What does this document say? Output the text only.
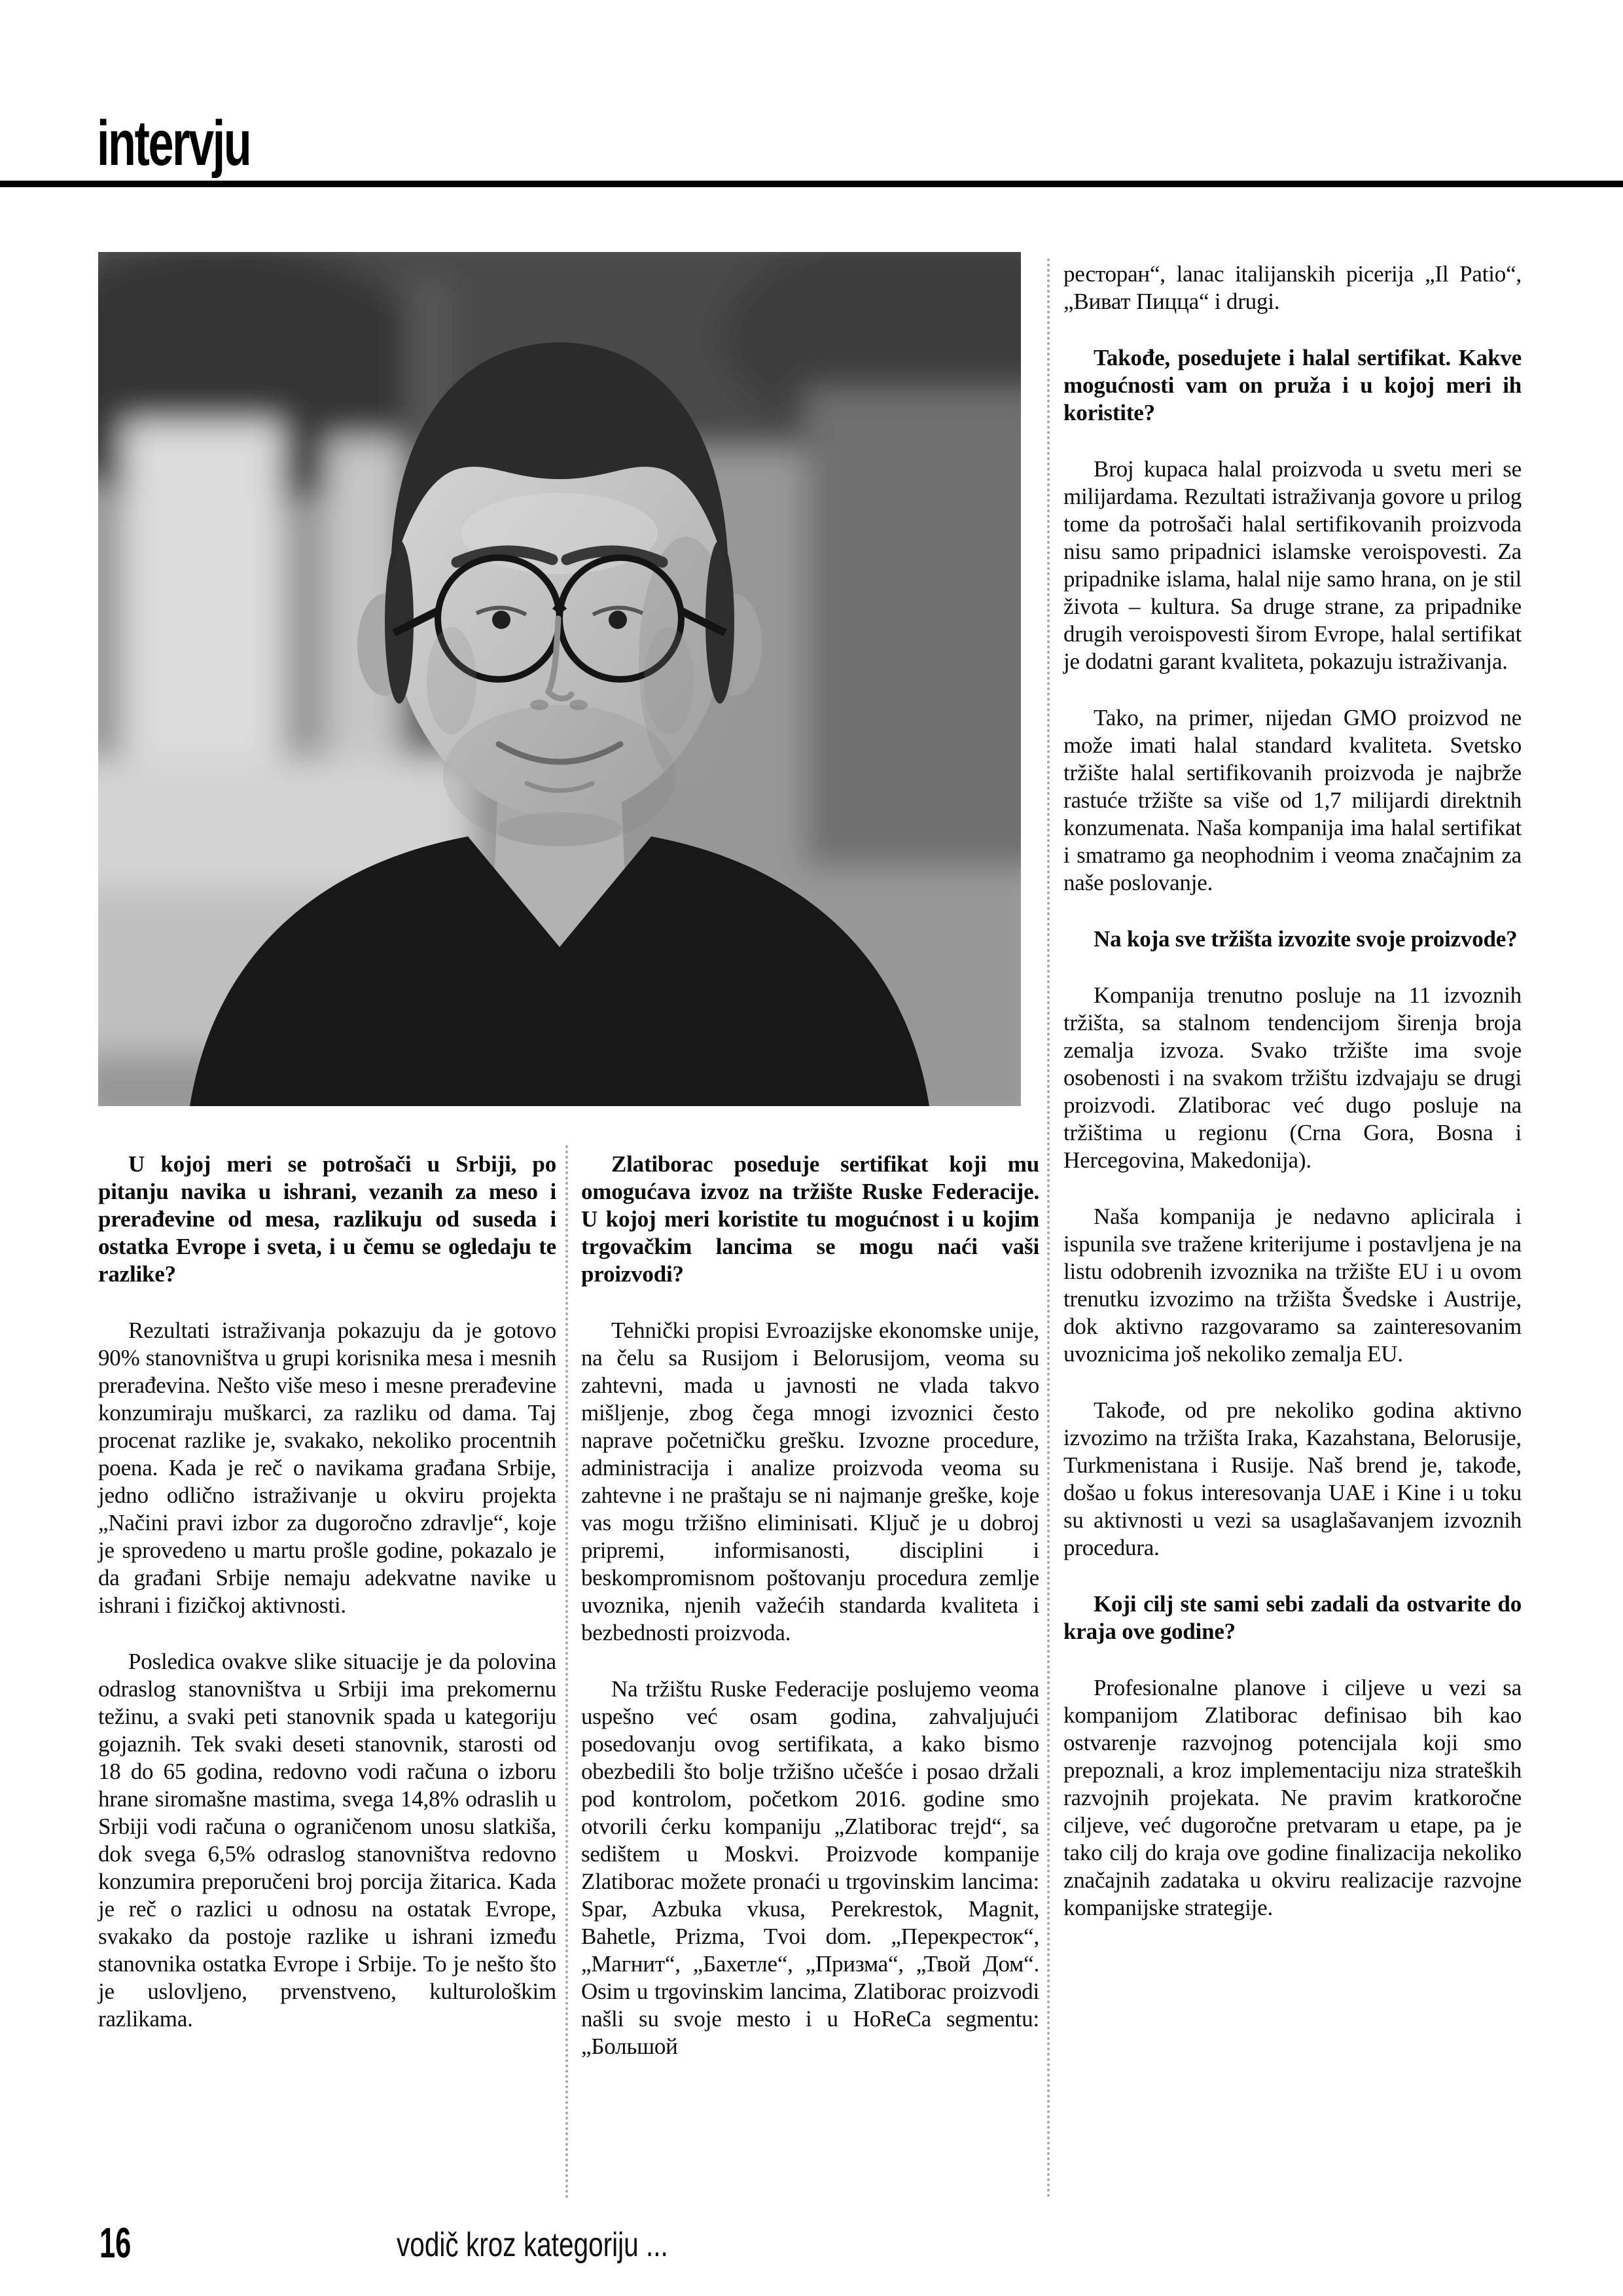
intervju

U kojoj meri se potrošači u Srbiji, po pitanju navika u ishrani, vezanih za meso i prerađevine od mesa, razlikuju od suseda i ostatka Evrope i sveta, i u čemu se ogledaju te razlike?

Rezultati istraživanja pokazuju da je gotovo 90% stanovništva u grupi korisnika mesa i mesnih prerađevina. Nešto više meso i mesne prerađevine konzumiraju muškarci, za razliku od dama. Taj procenat razlike je, svakako, nekoliko procentnih poena. Kada je reč o navikama građana Srbije, jedno odlično istraživanje u okviru projekta „Načini pravi izbor za dugoročno zdravlje“, koje je sprovedeno u martu prošle godine, pokazalo je da građani Srbije nemaju adekvatne navike u ishrani i fizičkoj aktivnosti.

Posledica ovakve slike situacije je da polovina odraslog stanovništva u Srbiji ima prekomernu težinu, a svaki peti stanovnik spada u kategoriju gojaznih. Tek svaki deseti stanovnik, starosti od 18 do 65 godina, redovno vodi računa o izboru hrane siromašne mastima, svega 14,8% odraslih u Srbiji vodi računa o ograničenom unosu slatkiša, dok svega 6,5% odraslog stanovništva redovno konzumira preporučeni broj porcija žitarica. Kada je reč o razlici u odnosu na ostatak Evrope, svakako da postoje razlike u ishrani između stanovnika ostatka Evrope i Srbije. To je nešto što je uslovljeno, prvenstveno, kulturološkim razlikama.

Zlatiborac poseduje sertifikat koji mu omogućava izvoz na tržište Ruske Federacije. U kojoj meri koristite tu mogućnost i u kojim trgovačkim lancima se mogu naći vaši proizvodi?

Tehnički propisi Evroazijske ekonomske unije, na čelu sa Rusijom i Belorusijom, veoma su zahtevni, mada u javnosti ne vlada takvo mišljenje, zbog čega mnogi izvoznici često naprave početničku grešku. Izvozne procedure, administracija i analize proizvoda veoma su zahtevne i ne praštaju se ni najmanje greške, koje vas mogu tržišno eliminisati. Ključ je u dobroj pripremi, informisanosti, disciplini i beskompromisnom poštovanju procedura zemlje uvoznika, njenih važećih standarda kvaliteta i bezbednosti proizvoda.

Na tržištu Ruske Federacije poslujemo veoma uspešno već osam godina, zahvaljujući posedovanju ovog sertifikata, a kako bismo obezbedili što bolje tržišno učešće i posao držali pod kontrolom, početkom 2016. godine smo otvorili ćerku kompaniju „Zlatiborac trejd“, sa sedištem u Moskvi. Proizvode kompanije Zlatiborac možete pronaći u trgovinskim lancima: Spar, Azbuka vkusa, Perekrestok, Magnit, Bahetle, Prizma, Tvoi dom. „Перекресток“, „Магнит“, „Бахетле“, „Призма“, „Твой Дом“. Osim u trgovinskim lancima, Zlatiborac proizvodi našli su svoje mesto i u HoReCa segmentu: „Большой

ресторан“, lanac italijanskih picerija „Il Patio“, „Виват Пицца“ i drugi.

Takođe, posedujete i halal sertifikat. Kakve mogućnosti vam on pruža i u kojoj meri ih koristite?

Broj kupaca halal proizvoda u svetu meri se milijardama. Rezultati istraživanja govore u prilog tome da potrošači halal sertifikovanih proizvoda nisu samo pripadnici islamske veroispovesti. Za pripadnike islama, halal nije samo hrana, on je stil života – kultura. Sa druge strane, za pripadnike drugih veroispovesti širom Evrope, halal sertifikat je dodatni garant kvaliteta, pokazuju istraživanja.

Tako, na primer, nijedan GMO proizvod ne može imati halal standard kvaliteta. Svetsko tržište halal sertifikovanih proizvoda je najbrže rastuće tržište sa više od 1,7 milijardi direktnih konzumenata. Naša kompanija ima halal sertifikat i smatramo ga neophodnim i veoma značajnim za naše poslovanje.

Na koja sve tržišta izvozite svoje proizvode?

Kompanija trenutno posluje na 11 izvoznih tržišta, sa stalnom tendencijom širenja broja zemalja izvoza. Svako tržište ima svoje osobenosti i na svakom tržištu izdvajaju se drugi proizvodi. Zlatiborac već dugo posluje na tržištima u regionu (Crna Gora, Bosna i Hercegovina, Makedonija).

Naša kompanija je nedavno aplicirala i ispunila sve tražene kriterijume i postavljena je na listu odobrenih izvoznika na tržište EU i u ovom trenutku izvozimo na tržišta Švedske i Austrije, dok aktivno razgovaramo sa zainteresovanim uvoznicima još nekoliko zemalja EU.

Takođe, od pre nekoliko godina aktivno izvozimo na tržišta Iraka, Kazahstana, Belorusije, Turkmenistana i Rusije. Naš brend je, takođe, došao u fokus interesovanja UAE i Kine i u toku su aktivnosti u vezi sa usaglašavanjem izvoznih procedura.

Koji cilj ste sami sebi zadali da ostvarite do kraja ove godine?

Profesionalne planove i ciljeve u vezi sa kompanijom Zlatiborac definisao bih kao ostvarenje razvojnog potencijala koji smo prepoznali, a kroz implementaciju niza strateških razvojnih projekata. Ne pravim kratkoročne ciljeve, već dugoročne pretvaram u etape, pa je tako cilj do kraja ove godine finalizacija nekoliko značajnih zadataka u okviru realizacije razvojne kompanijske strategije.

16	vodič kroz kategoriju ...
